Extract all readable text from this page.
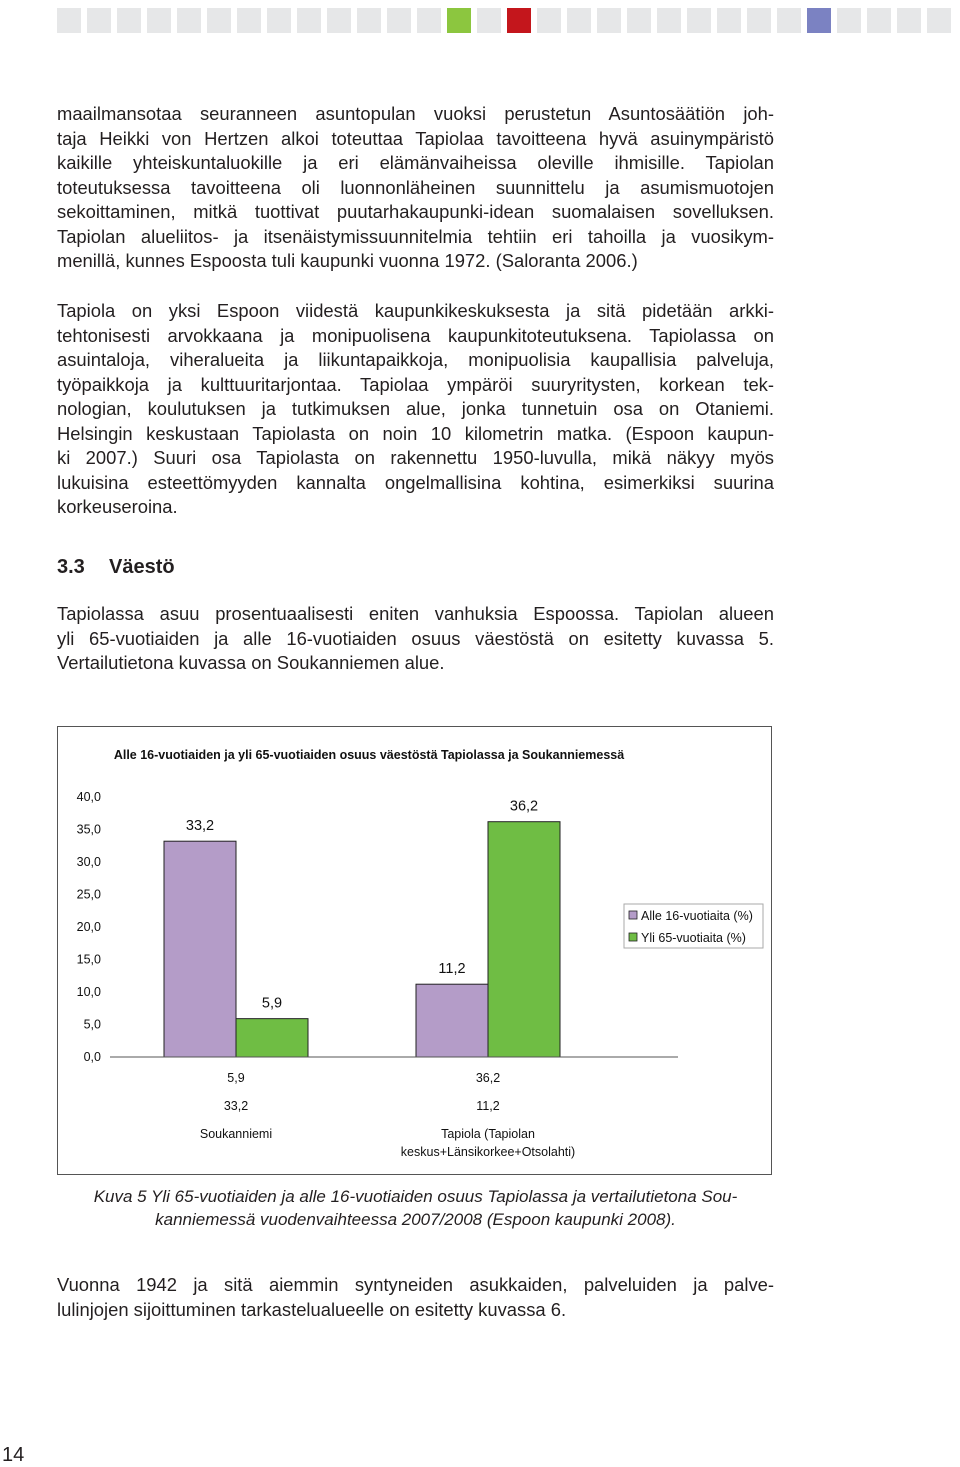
maailmansotaa seuranneen asuntopulan vuoksi perustetun Asuntosäätiön joh-
taja Heikki von Hertzen alkoi toteuttaa Tapiolaa tavoitteena hyvä asuinympäristö
kaikille yhteiskuntaluokille ja eri elämänvaiheissa oleville ihmisille. Tapiolan
toteutuksessa tavoitteena oli luonnonläheinen suunnittelu ja asumismuotojen
sekoittaminen, mitkä tuottivat puutarhakaupunki-idean suomalaisen sovelluksen.
Tapiolan alueliitos- ja itsenäistymissuunnitelmia tehtiin eri tahoilla ja vuosikym-
menillä, kunnes Espoosta tuli kaupunki vuonna 1972. (Saloranta 2006.)

Tapiola on yksi Espoon viidestä kaupunkikeskuksesta ja sitä pidetään arkki-
tehtonisesti arvokkaana ja monipuolisena kaupunkitoteutuksena. Tapiolassa on
asuintaloja, viheralueita ja liikuntapaikkoja, monipuolisia kaupallisia palveluja,
työpaikkoja ja kulttuuritarjontaa. Tapiolaa ympäröi suuryritysten, korkean tek-
nologian, koulutuksen ja tutkimuksen alue, jonka tunnetuin osa on Otaniemi.
Helsingin keskustaan Tapiolasta on noin 10 kilometrin matka. (Espoon kaupun-
ki 2007.) Suuri osa Tapiolasta on rakennettu 1950-luvulla, mikä näkyy myös
lukuisina esteettömyyden kannalta ongelmallisina kohtina, esimerkiksi suurina
korkeuseroina.

3.3 Väestö

Tapiolassa asuu prosentuaalisesti eniten vanhuksia Espoossa. Tapiolan alueen
yli 65-vuotiaiden ja alle 16-vuotiaiden osuus väestöstä on esitetty kuvassa 5.
Vertailutietona kuvassa on Soukanniemen alue.

Alle 16-vuotiaiden ja yli 65-vuotiaiden osuus väestöstä Tapiolassa ja Soukanniemessä
40,0
35,0
30,0
25,0
20,0
15,0
10,0
5,0
0,0
33,2
11,2
5,9
36,2
5,9
33,2
Soukanniemi
36,2
11,2
Tapiola (Tapiolan
keskus+Länsikorkee+Otsolahti)
Alle 16-vuotiaita (%)
Yli 65-vuotiaita (%)

Kuva 5 Yli 65-vuotiaiden ja alle 16-vuotiaiden osuus Tapiolassa ja vertailutietona Sou-
kanniemessä vuodenvaihteessa 2007/2008 (Espoon kaupunki 2008).

Vuonna 1942 ja sitä aiemmin syntyneiden asukkaiden, palveluiden ja palve-
lulinjojen sijoittuminen tarkastelualueelle on esitetty kuvassa 6.

14
